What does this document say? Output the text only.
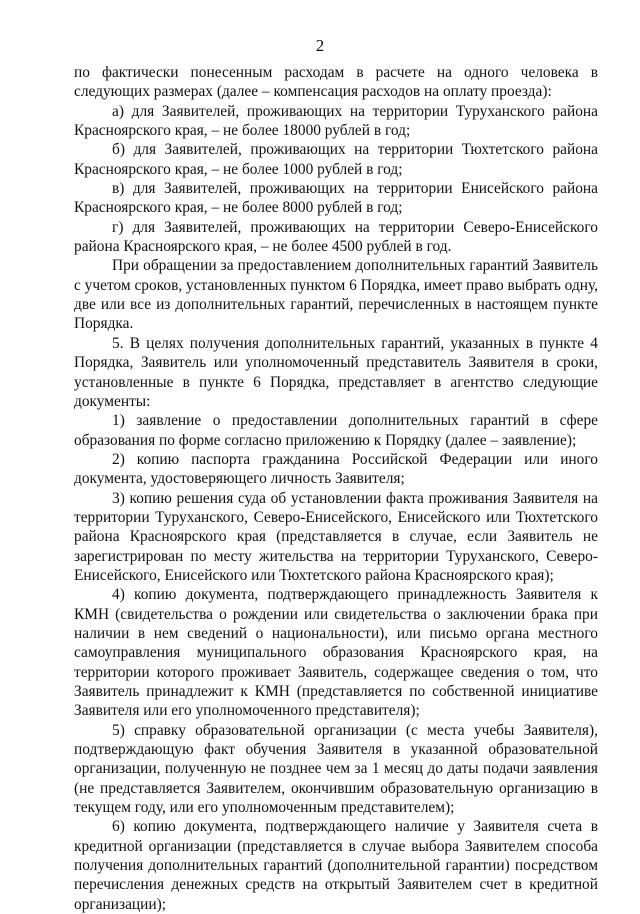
2

по фактически понесенным расходам в расчете на одного человека в следующих размерах (далее – компенсация расходов на оплату проезда):

а) для Заявителей, проживающих на территории Туруханского района Красноярского края, – не более 18000 рублей в год;

б) для Заявителей, проживающих на территории Тюхтетского района Красноярского края, – не более 1000 рублей в год;

в) для Заявителей, проживающих на территории Енисейского района Красноярского края, – не более 8000 рублей в год;

г) для Заявителей, проживающих на территории Северо-Енисейского района Красноярского края, – не более 4500 рублей в год.

При обращении за предоставлением дополнительных гарантий Заявитель с учетом сроков, установленных пунктом 6 Порядка, имеет право выбрать одну, две или все из дополнительных гарантий, перечисленных в настоящем пункте Порядка.

5. В целях получения дополнительных гарантий, указанных в пункте 4 Порядка, Заявитель или уполномоченный представитель Заявителя в сроки, установленные в пункте 6 Порядка, представляет в агентство следующие документы:

1) заявление о предоставлении дополнительных гарантий в сфере образования по форме согласно приложению к Порядку (далее – заявление);

2) копию паспорта гражданина Российской Федерации или иного документа, удостоверяющего личность Заявителя;

3) копию решения суда об установлении факта проживания Заявителя на территории Туруханского, Северо-Енисейского, Енисейского или Тюхтетского района Красноярского края (представляется в случае, если Заявитель не зарегистрирован по месту жительства на территории Туруханского, Северо-Енисейского, Енисейского или Тюхтетского района Красноярского края);

4) копию документа, подтверждающего принадлежность Заявителя к КМН (свидетельства о рождении или свидетельства о заключении брака при наличии в нем сведений о национальности), или письмо органа местного самоуправления муниципального образования Красноярского края, на территории которого проживает Заявитель, содержащее сведения о том, что Заявитель принадлежит к КМН (представляется по собственной инициативе Заявителя или его уполномоченного представителя);

5) справку образовательной организации (с места учебы Заявителя), подтверждающую факт обучения Заявителя в указанной образовательной организации, полученную не позднее чем за 1 месяц до даты подачи заявления (не представляется Заявителем, окончившим образовательную организацию в текущем году, или его уполномоченным представителем);

6) копию документа, подтверждающего наличие у Заявителя счета в кредитной организации (представляется в случае выбора Заявителем способа получения дополнительных гарантий (дополнительной гарантии) посредством перечисления денежных средств на открытый Заявителем счет в кредитной организации);
